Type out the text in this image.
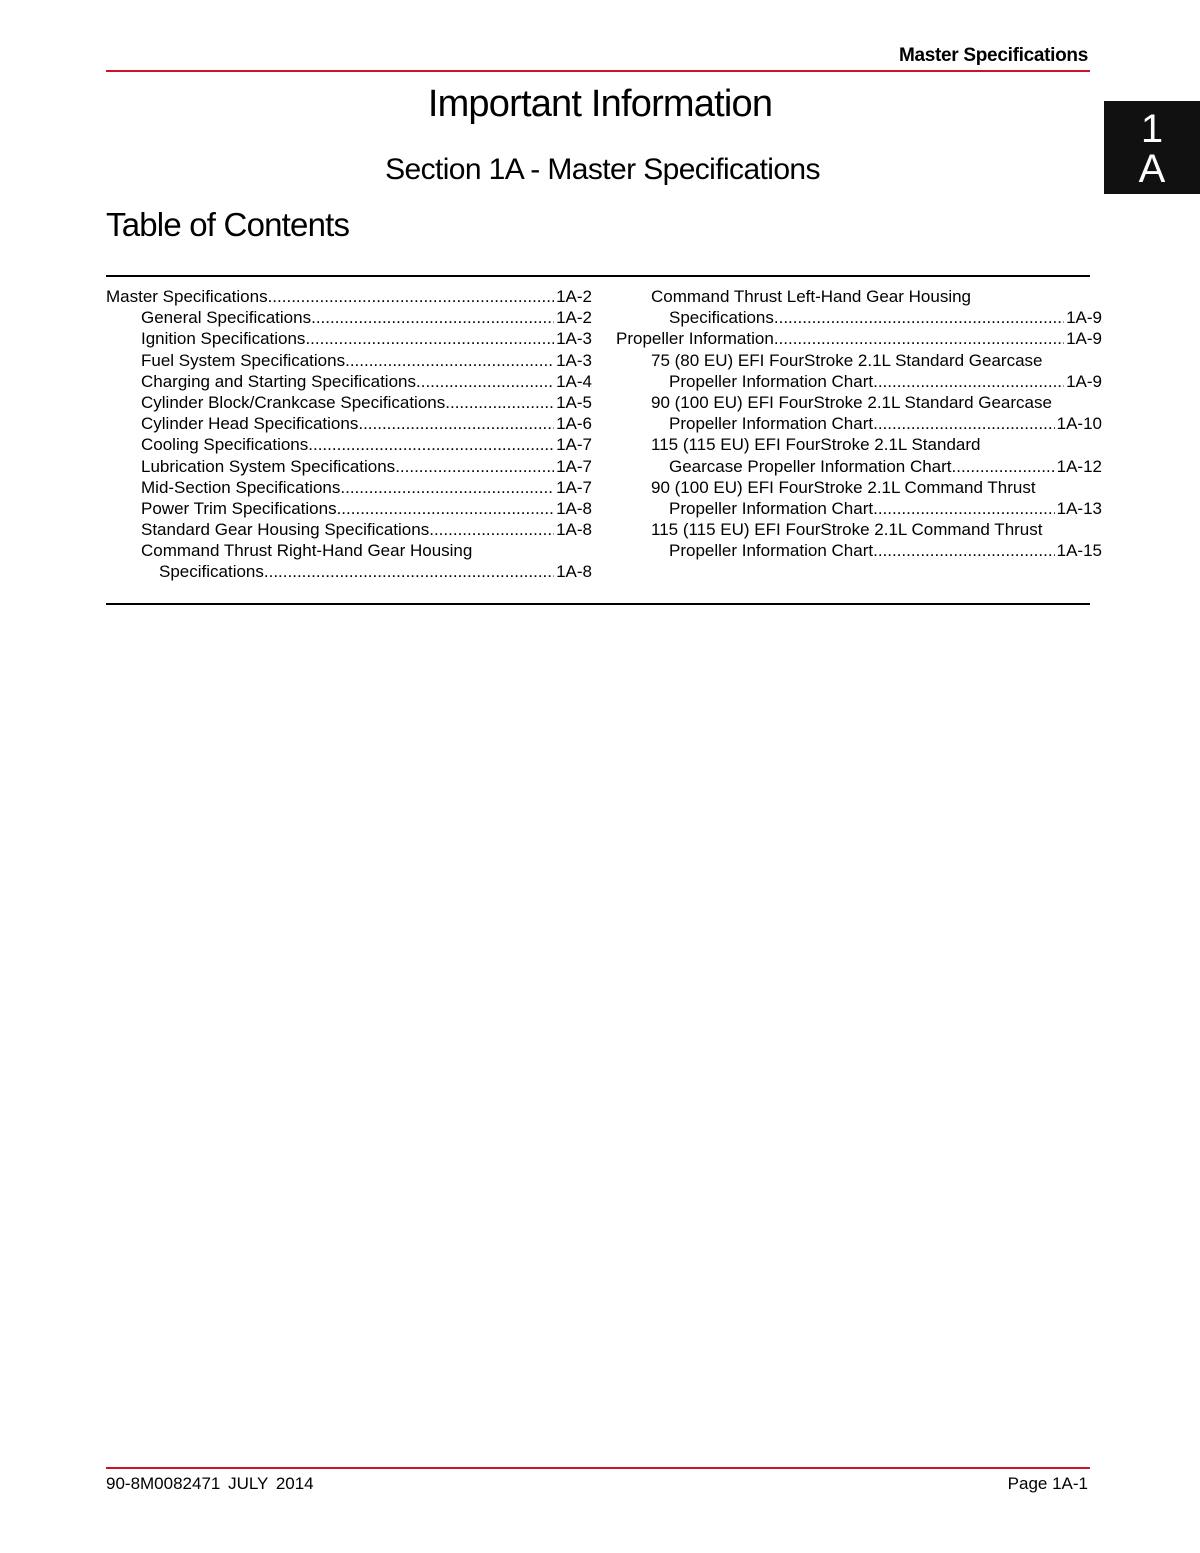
Master Specifications
1
A
Important Information
Section 1A - Master Specifications
Table of Contents
Master Specifications .....	1A-2
General Specifications .....	1A-2
Ignition Specifications .....	1A-3
Fuel System Specifications .....	1A-3
Charging and Starting Specifications .....	1A-4
Cylinder Block/Crankcase Specifications .....	1A-5
Cylinder Head Specifications .....	1A-6
Cooling Specifications .....	1A-7
Lubrication System Specifications .....	1A-7
Mid-Section Specifications .....	1A-7
Power Trim Specifications .....	1A-8
Standard Gear Housing Specifications .....	1A-8
Command Thrust Right-Hand Gear Housing
Specifications .....	1A-8
Command Thrust Left-Hand Gear Housing
Specifications .....	1A-9
Propeller Information .....	1A-9
75 (80 EU) EFI FourStroke 2.1L Standard Gearcase
Propeller Information Chart .....	1A-9
90 (100 EU) EFI FourStroke 2.1L Standard Gearcase
Propeller Information Chart .....	1A-10
115 (115 EU) EFI FourStroke 2.1L Standard
Gearcase Propeller Information Chart .....	1A-12
90 (100 EU) EFI FourStroke 2.1L Command Thrust
Propeller Information Chart .....	1A-13
115 (115 EU) EFI FourStroke 2.1L Command Thrust
Propeller Information Chart .....	1A-15
90-8M0082471 JULY 2014	Page 1A-1
